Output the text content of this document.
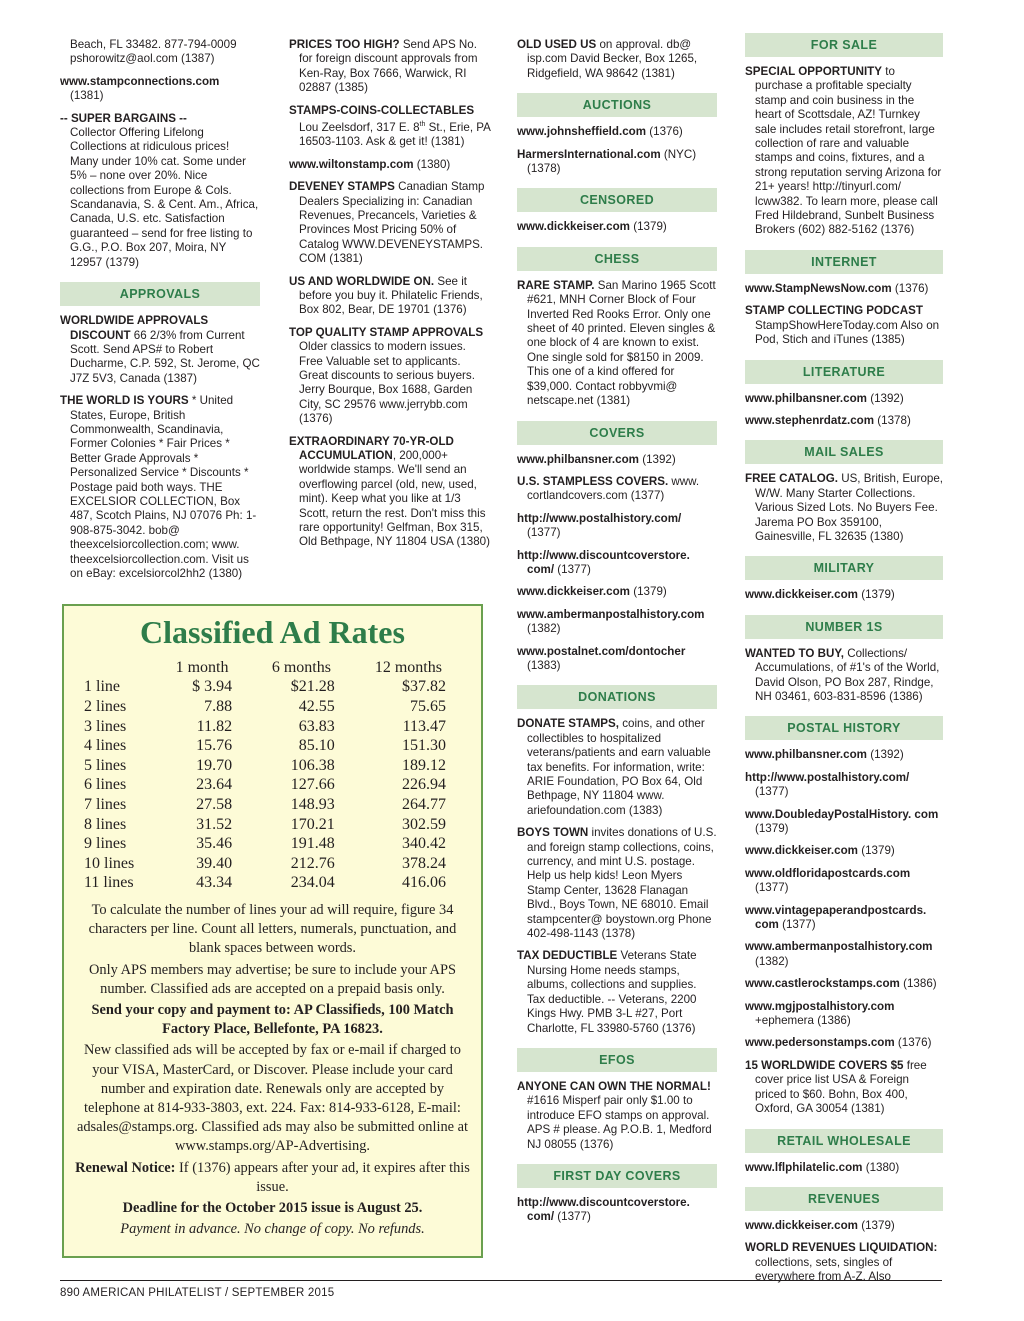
Beach, FL 33482. 877-794-0009 pshorowitz@aol.com (1387)
www.stampconnections.com
(1381)
-- SUPER BARGAINS --
Collector Offering Lifelong Collections at ridiculous prices! Many under 10% cat. Some under 5% – none over 20%. Nice collections from Europe & Cols. Scandanavia, S. & Cent. Am., Africa, Canada, U.S. etc. Satisfaction guaranteed – send for free listing to G.G., P.O. Box 207, Moira, NY 12957 (1379)
APPROVALS
WORLDWIDE APPROVALS DISCOUNT 66 2/3% from Current Scott. Send APS# to Robert Ducharme, C.P. 592, St. Jerome, QC J7Z 5V3, Canada (1387)
THE WORLD IS YOURS * United States, Europe, British Commonwealth, Scandinavia, Former Colonies * Fair Prices * Better Grade Approvals * Personalized Service * Discounts * Postage paid both ways. THE EXCELSIOR COLLECTION, Box 487, Scotch Plains, NJ 07076 Ph: 1-908-875-3042. bob@ theexcelsiorcollection.com; www. theexcelsiorcollection.com. Visit us on eBay: excelsiorcol2hh2 (1380)
PRICES TOO HIGH? Send APS No. for foreign discount approvals from Ken-Ray, Box 7666, Warwick, RI 02887 (1385)
STAMPS-COINS-COLLECTABLES
Lou Zeelsdorf, 317 E. 8th St., Erie, PA 16503-1103. Ask & get it! (1381)
www.wiltonstamp.com (1380)
DEVENEY STAMPS Canadian Stamp Dealers Specializing in: Canadian Revenues, Precancels, Varieties & Provinces Most Pricing 50% of Catalog WWW.DEVENEYSTAMPS. COM (1381)
US AND WORLDWIDE ON. See it before you buy it. Philatelic Friends, Box 802, Bear, DE 19701 (1376)
TOP QUALITY STAMP APPROVALS
Older classics to modern issues. Free Valuable set to applicants. Great discounts to serious buyers. Jerry Bourque, Box 1688, Garden City, SC 29576 www.jerrybb.com (1376)
EXTRAORDINARY 70-YR-OLD ACCUMULATION, 200,000+ worldwide stamps. We'll send an overflowing parcel (old, new, used, mint). Keep what you like at 1/3 Scott, return the rest. Don't miss this rare opportunity! Gelfman, Box 315, Old Bethpage, NY 11804 USA (1380)
OLD USED US on approval. db@ isp.com David Becker, Box 1265, Ridgefield, WA 98642 (1381)
AUCTIONS
www.johnsheffield.com (1376)
HarmersInternational.com (NYC) (1378)
CENSORED
www.dickkeiser.com (1379)
CHESS
RARE STAMP. San Marino 1965 Scott #621, MNH Corner Block of Four Inverted Red Rooks Error. Only one sheet of 40 printed. Eleven singles & one block of 4 are known to exist. One single sold for $8150 in 2009. This one of a kind offered for $39,000. Contact robbyvmi@ netscape.net (1381)
COVERS
www.philbansner.com (1392)
U.S. STAMPLESS COVERS. www. cortlandcovers.com (1377)
http://www.postalhistory.com/
(1377)
http://www.discountcoverstore. com/ (1377)
www.dickkeiser.com (1379)
www.ambermanpostalhistory.com
(1382)
www.postalnet.com/dontocher
(1383)
DONATIONS
DONATE STAMPS, coins, and other collectibles to hospitalized veterans/patients and earn valuable tax benefits. For information, write: ARIE Foundation, PO Box 64, Old Bethpage, NY 11804 www. ariefoundation.com (1383)
BOYS TOWN invites donations of U.S. and foreign stamp collections, coins, currency, and mint U.S. postage. Help us help kids! Leon Myers Stamp Center, 13628 Flanagan Blvd., Boys Town, NE 68010. Email stampcenter@ boystown.org Phone 402-498-1143 (1378)
TAX DEDUCTIBLE Veterans State Nursing Home needs stamps, albums, collections and supplies. Tax deductible. -- Veterans, 2200 Kings Hwy. PMB 3-L #27, Port Charlotte, FL 33980-5760 (1376)
EFOS
ANYONE CAN OWN THE NORMAL! #1616 Misperf pair only $1.00 to introduce EFO stamps on approval. APS # please. Ag P.O.B. 1, Medford NJ 08055 (1376)
FIRST DAY COVERS
http://www.discountcoverstore. com/ (1377)
FOR SALE
SPECIAL OPPORTUNITY to purchase a profitable specialty stamp and coin business in the heart of Scottsdale, AZ! Turnkey sale includes retail storefront, large collection of rare and valuable stamps and coins, fixtures, and a strong reputation serving Arizona for 21+ years! http://tinyurl.com/ lcww382. To learn more, please call Fred Hildebrand, Sunbelt Business Brokers (602) 882-5162 (1376)
INTERNET
www.StampNewsNow.com (1376)
STAMP COLLECTING PODCAST
StampShowHereToday.com Also on Pod, Stich and iTunes (1385)
LITERATURE
www.philbansner.com (1392)
www.stephenrdatz.com (1378)
MAIL SALES
FREE CATALOG. US, British, Europe, W/W. Many Starter Collections. Various Sized Lots. No Buyers Fee. Jarema PO Box 359100, Gainesville, FL 32635 (1380)
MILITARY
www.dickkeiser.com (1379)
NUMBER 1S
WANTED TO BUY, Collections/ Accumulations, of #1's of the World, David Olson, PO Box 287, Rindge, NH 03461, 603-831-8596 (1386)
POSTAL HISTORY
www.philbansner.com (1392)
http://www.postalhistory.com/
(1377)
www.DoubledayPostalHistory. com (1379)
www.dickkeiser.com (1379)
www.oldfloridapostcards.com
(1377)
www.vintagepaperandpostcards. com (1377)
www.ambermanpostalhistory.com
(1382)
www.castlerockstamps.com (1386)
www.mgjpostalhistory.com
+ephemera (1386)
www.pedersonstamps.com (1376)
15 WORLDWIDE COVERS $5 free cover price list USA & Foreign priced to $60. Bohn, Box 400, Oxford, GA 30054 (1381)
RETAIL WHOLESALE
www.lflphilatelic.com (1380)
REVENUES
www.dickkeiser.com (1379)
WORLD REVENUES LIQUIDATION:
collections, sets, singles of everywhere from A-Z. Also
Classified Ad Rates
	1 month	6 months	12 months
1 line	$ 3.94	$21.28	$37.82
2 lines	7.88	42.55	75.65
3 lines	11.82	63.83	113.47
4 lines	15.76	85.10	151.30
5 lines	19.70	106.38	189.12
6 lines	23.64	127.66	226.94
7 lines	27.58	148.93	264.77
8 lines	31.52	170.21	302.59
9 lines	35.46	191.48	340.42
10 lines	39.40	212.76	378.24
11 lines	43.34	234.04	416.06

To calculate the number of lines your ad will require, figure 34 characters per line. Count all letters, numerals, punctuation, and blank spaces between words.

Only APS members may advertise; be sure to include your APS number. Classified ads are accepted on a prepaid basis only.

Send your copy and payment to: AP Classifieds, 100 Match Factory Place, Bellefonte, PA 16823.

New classified ads will be accepted by fax or e-mail if charged to your VISA, MasterCard, or Discover. Please include your card number and expiration date. Renewals only are accepted by telephone at 814-933-3803, ext. 224. Fax: 814-933-6128, E-mail: adsales@stamps.org. Classified ads may also be submitted online at www.stamps.org/AP-Advertising.

Renewal Notice: If (1376) appears after your ad, it expires after this issue.

Deadline for the October 2015 issue is August 25.

Payment in advance. No change of copy. No refunds.

890 AMERICAN PHILATELIST / SEPTEMBER 2015
